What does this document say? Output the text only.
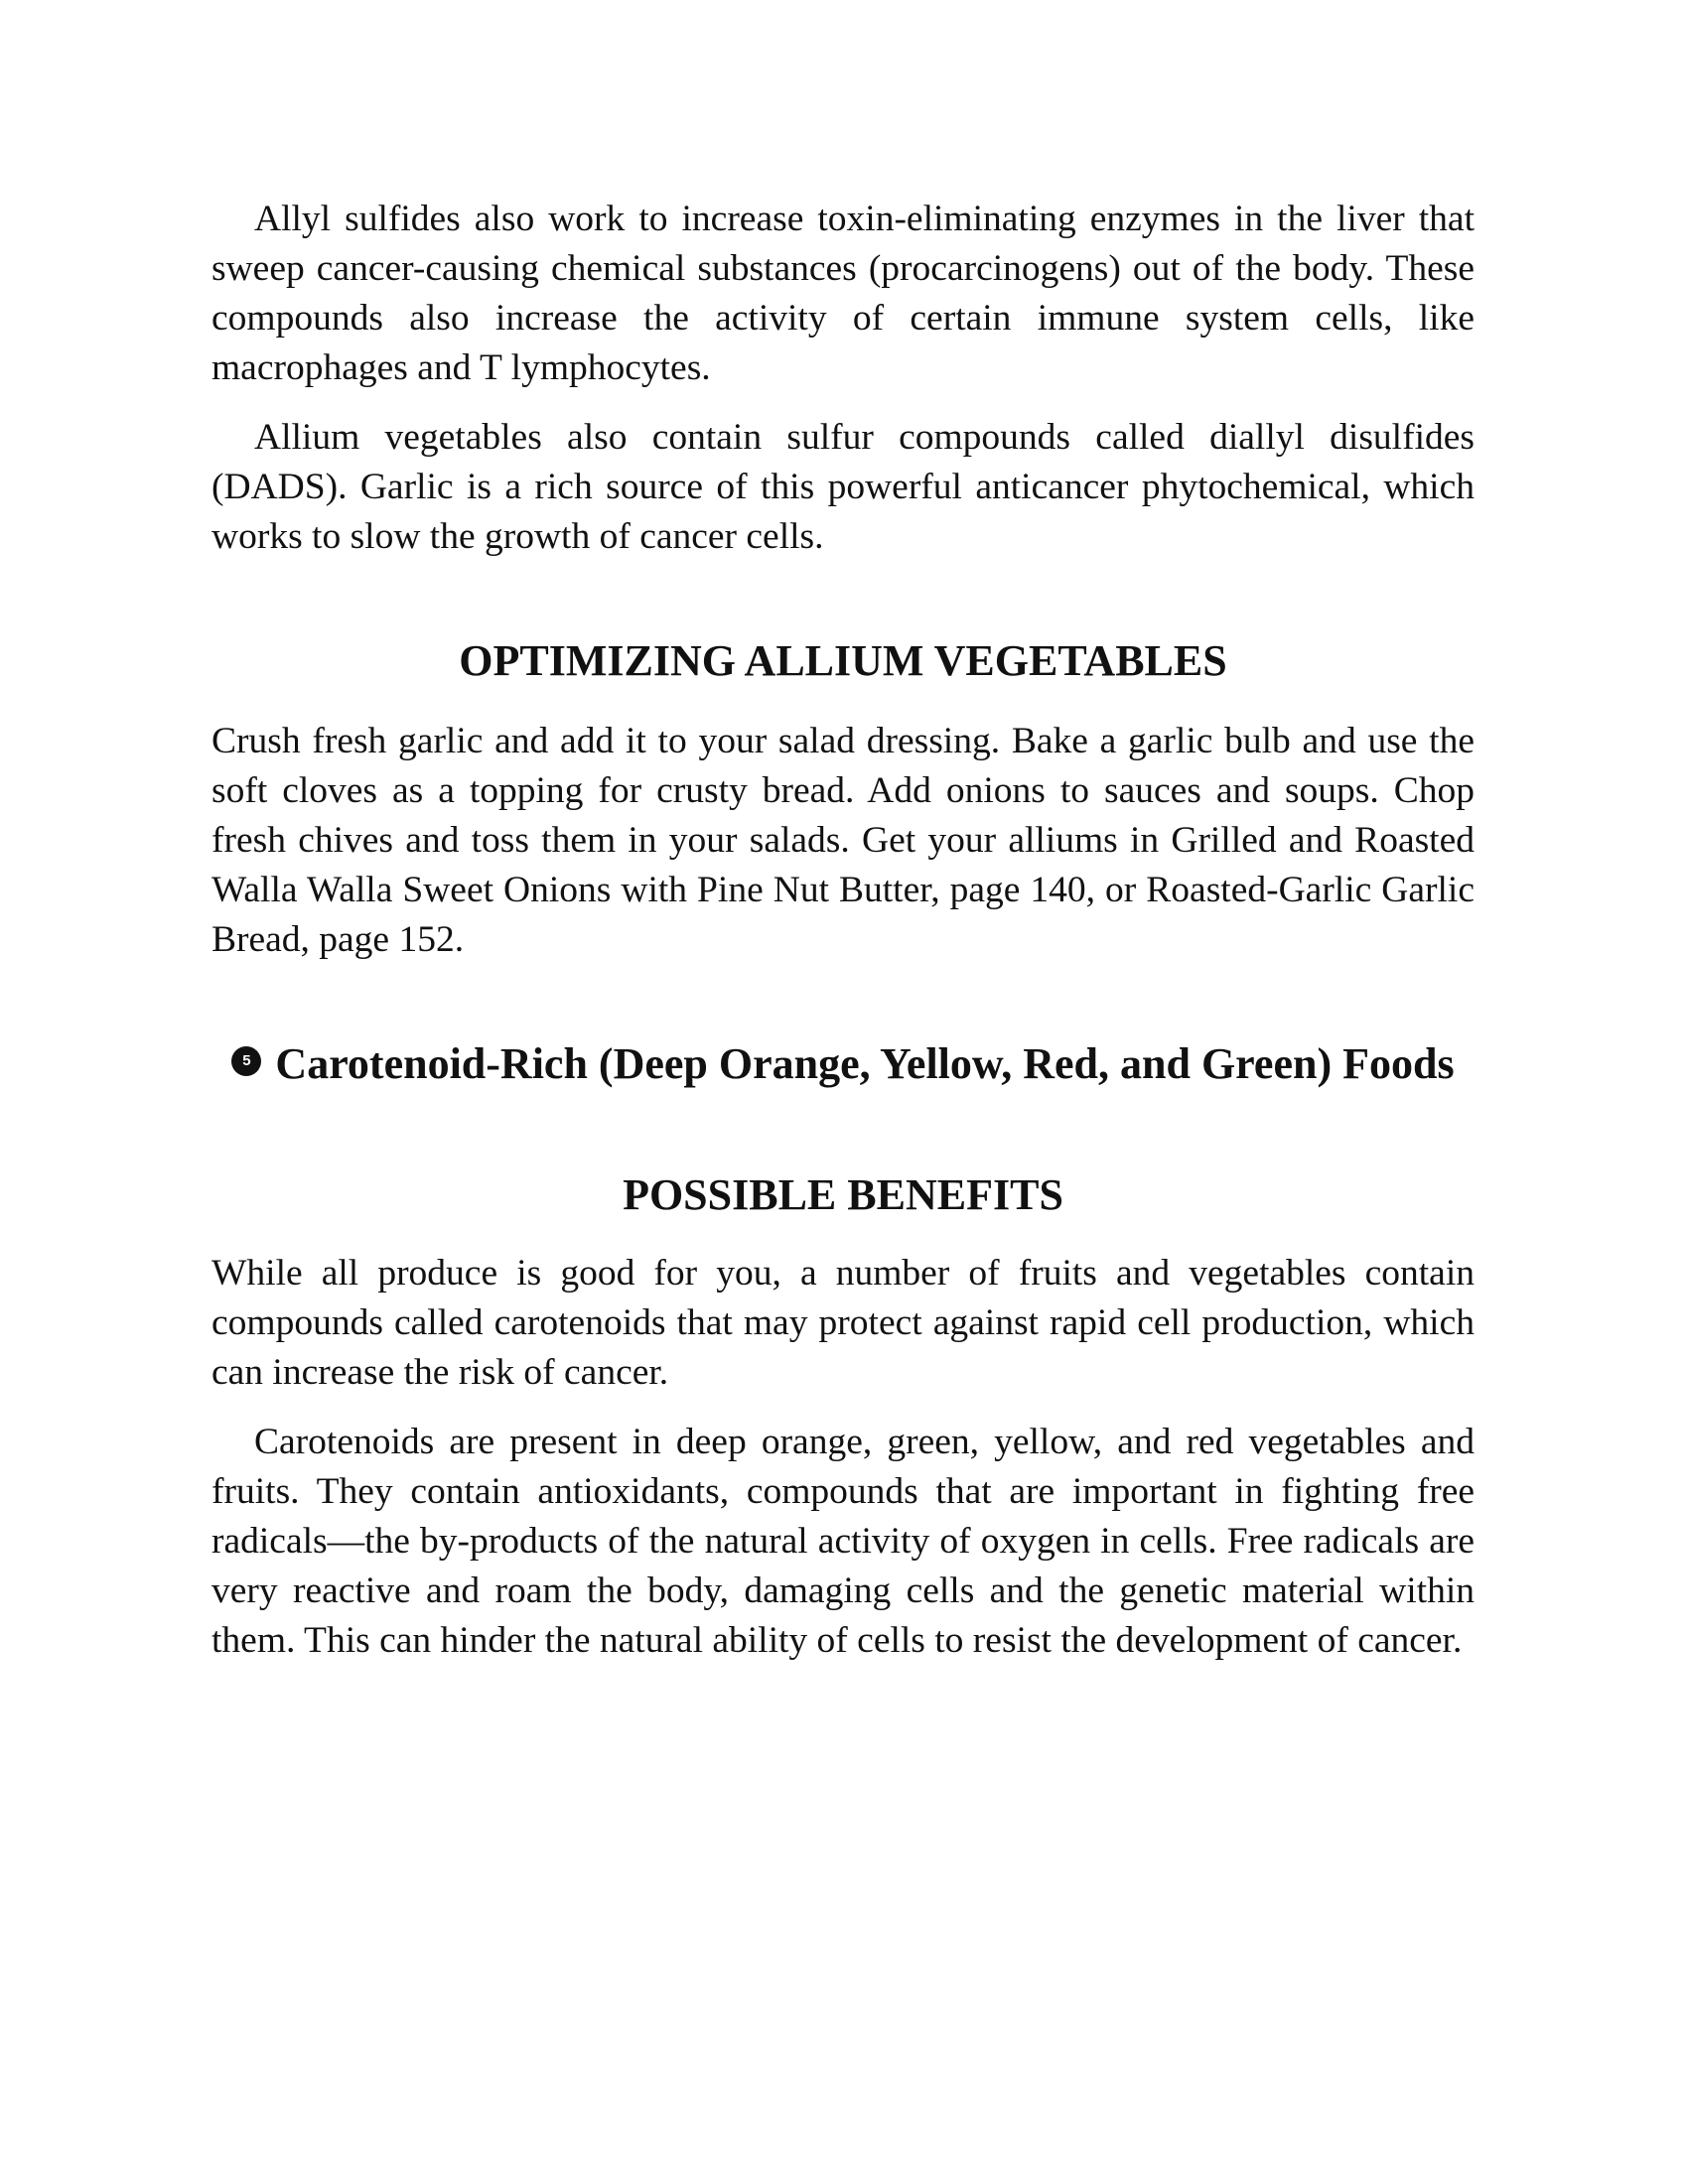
Allyl sulfides also work to increase toxin-eliminating enzymes in the liver that sweep cancer-causing chemical substances (procarcinogens) out of the body. These compounds also increase the activity of certain immune system cells, like macrophages and T lymphocytes.

Allium vegetables also contain sulfur compounds called diallyl disulfides (DADS). Garlic is a rich source of this powerful anticancer phytochemical, which works to slow the growth of cancer cells.

OPTIMIZING ALLIUM VEGETABLES

Crush fresh garlic and add it to your salad dressing. Bake a garlic bulb and use the soft cloves as a topping for crusty bread. Add onions to sauces and soups. Chop fresh chives and toss them in your salads. Get your alliums in Grilled and Roasted Walla Walla Sweet Onions with Pine Nut Butter, page 140, or Roasted-Garlic Garlic Bread, page 152.

5 Carotenoid-Rich (Deep Orange, Yellow, Red, and Green) Foods
POSSIBLE BENEFITS

While all produce is good for you, a number of fruits and vegetables contain compounds called carotenoids that may protect against rapid cell production, which can increase the risk of cancer.

Carotenoids are present in deep orange, green, yellow, and red vegetables and fruits. They contain antioxidants, compounds that are important in fighting free radicals—the by-products of the natural activity of oxygen in cells. Free radicals are very reactive and roam the body, damaging cells and the genetic material within them. This can hinder the natural ability of cells to resist the development of cancer.
